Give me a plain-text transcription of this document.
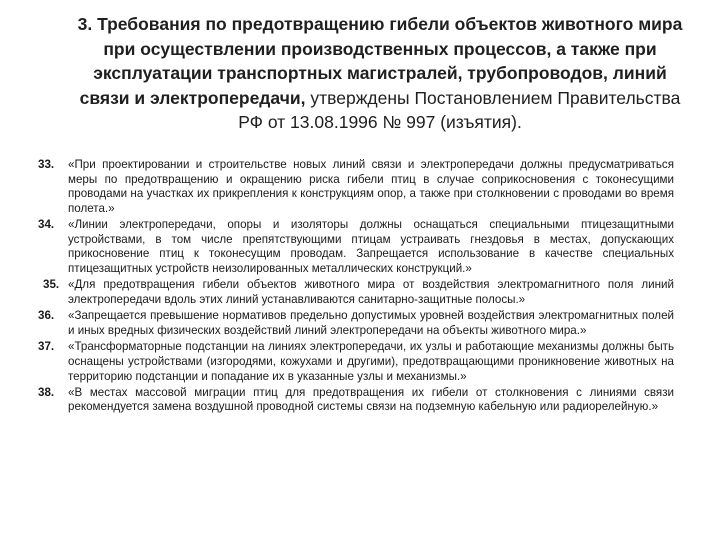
3. Требования по предотвращению гибели объектов животного мира при осуществлении производственных процессов, а также при эксплуатации транспортных магистралей, трубопроводов, линий связи и электропередачи, утверждены Постановлением Правительства РФ от 13.08.1996 № 997 (изъятия).
33.	«При проектировании и строительстве новых линий связи и электропередачи должны предусматриваться меры по предотвращению и окращению риска гибели птиц в случае соприкосновения с токонесущими проводами на участках их прикрепления к конструкциям опор, а также при столкновении с проводами во время полета.»
34.	«Линии электропередачи, опоры и изоляторы должны оснащаться специальными птицезащитными устройствами, в том числе препятствующими птицам устраивать гнездовья в местах, допускающих прикосновение птиц к токонесущим проводам. Запрещается использование в качестве специальных птицезащитных устройств неизолированных металлических конструкций.»
35. «Для предотвращения гибели объектов животного мира от воздействия электромагнитного поля линий электропередачи вдоль этих линий устанавливаются санитарно-защитные полосы.»
36.	«Запрещается превышение нормативов предельно допустимых уровней воздействия электромагнитных полей и иных вредных физических воздействий линий электропередачи на объекты животного мира.»
37.	«Трансформаторные подстанции на линиях электропередачи, их узлы и работающие механизмы должны быть оснащены устройствами (изгородями, кожухами и другими), предотвращающими проникновение животных на территорию подстанции и попадание их в указанные узлы и механизмы.»
38.	«В местах массовой миграции птиц для предотвращения их гибели от столкновения с линиями связи рекомендуется замена воздушной проводной системы связи на подземную кабельную или радиорелейную.»
